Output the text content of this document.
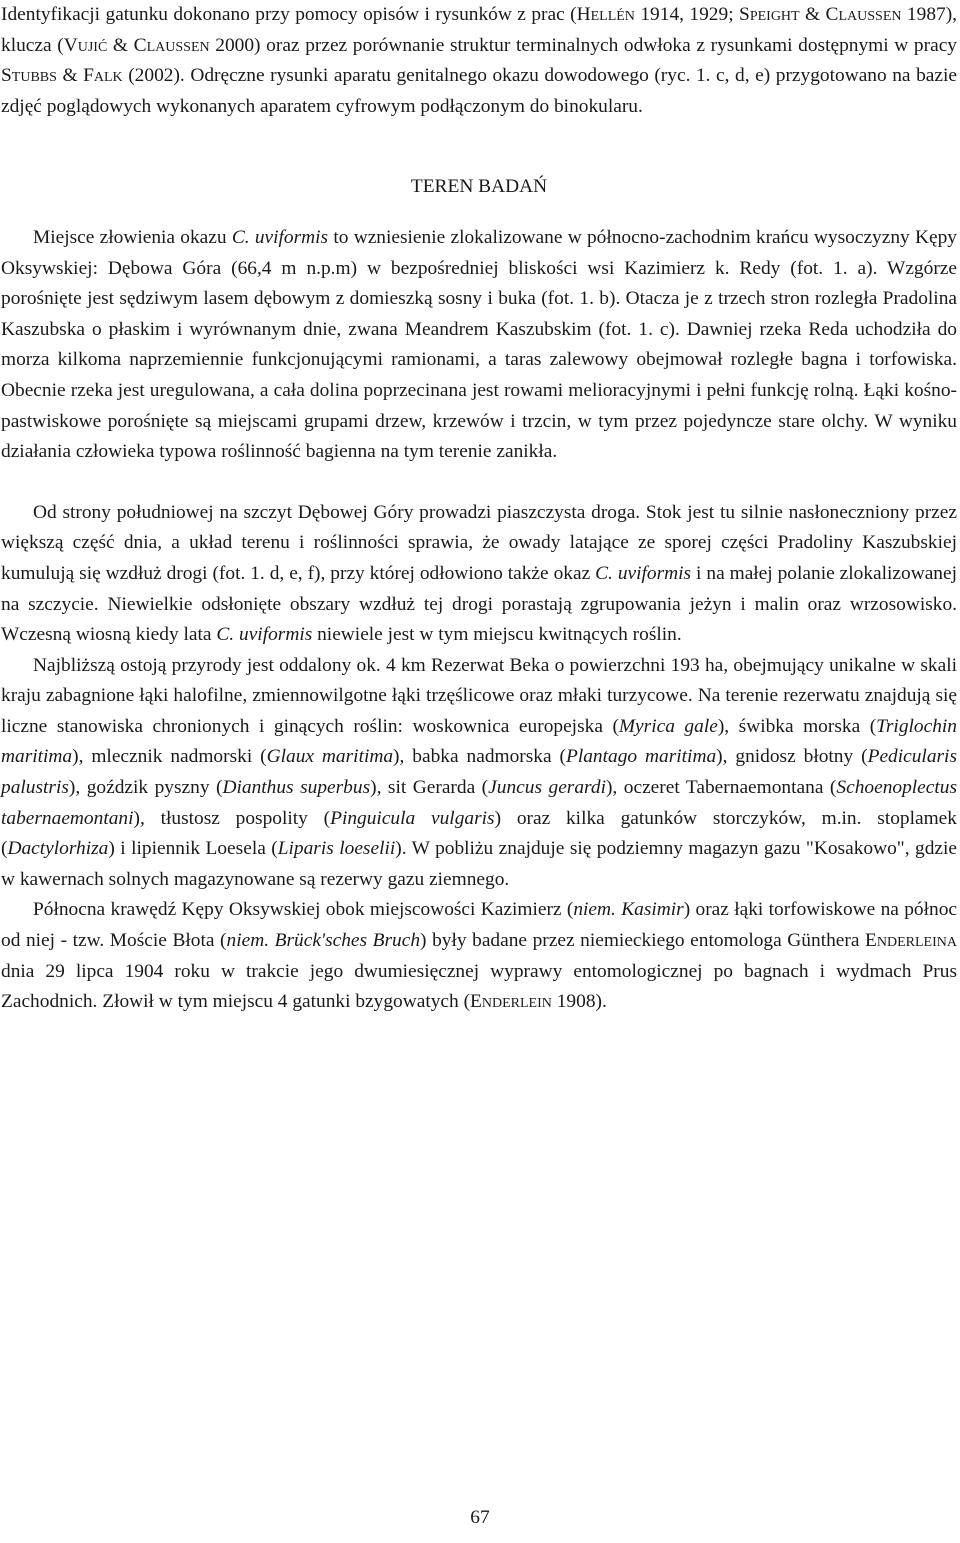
Identyfikacji gatunku dokonano przy pomocy opisów i rysunków z prac (Hellén 1914, 1929; Speight & Claussen 1987), klucza (Vujić & Claussen 2000) oraz przez porównanie struktur terminalnych odwłoka z rysunkami dostępnymi w pracy Stubbs & Falk (2002). Odręczne rysunki aparatu genitalnego okazu dowodowego (ryc. 1. c, d, e) przygotowano na bazie zdjęć poglądowych wykonanych aparatem cyfrowym podłączonym do binokularu.

TEREN BADAŃ

Miejsce złowienia okazu C. uviformis to wzniesienie zlokalizowane w północno-zachodnim krańcu wysoczyzny Kępy Oksywskiej: Dębowa Góra (66,4 m n.p.m) w bezpośredniej bliskości wsi Kazimierz k. Redy (fot. 1. a). Wzgórze porośnięte jest sędziwym lasem dębowym z domieszką sosny i buka (fot. 1. b). Otacza je z trzech stron rozległa Pradolina Kaszubska o płaskim i wyrównanym dnie, zwana Meandrem Kaszubskim (fot. 1. c). Dawniej rzeka Reda uchodziła do morza kilkoma naprzemiennie funkcjonującymi ramionami, a taras zalewowy obejmował rozległe bagna i torfowiska. Obecnie rzeka jest uregulowana, a cała dolina poprzecinana jest rowami melioracyjnymi i pełni funkcję rolną. Łąki kośno-pastwiskowe porośnięte są miejscami grupami drzew, krzewów i trzcin, w tym przez pojedyncze stare olchy. W wyniku działania człowieka typowa roślinność bagienna na tym terenie zanikła.

Od strony południowej na szczyt Dębowej Góry prowadzi piaszczysta droga. Stok jest tu silnie nasłoneczniony przez większą część dnia, a układ terenu i roślinności sprawia, że owady latające ze sporej części Pradoliny Kaszubskiej kumulują się wzdłuż drogi (fot. 1. d, e, f), przy której odłowiono także okaz C. uviformis i na małej polanie zlokalizowanej na szczycie. Niewielkie odsłonięte obszary wzdłuż tej drogi porastają zgrupowania jeżyn i malin oraz wrzosowisko. Wczesną wiosną kiedy lata C. uviformis niewiele jest w tym miejscu kwitnących roślin.

Najbliższą ostoją przyrody jest oddalony ok. 4 km Rezerwat Beka o powierzchni 193 ha, obejmujący unikalne w skali kraju zabagnione łąki halofilne, zmiennowilgotne łąki trzęślicowe oraz młaki turzycowe. Na terenie rezerwatu znajdują się liczne stanowiska chronionych i ginących roślin: woskownica europejska (Myrica gale), świbka morska (Triglochin maritima), mlecznik nadmorski (Glaux maritima), babka nadmorska (Plantago maritima), gnidosz błotny (Pedicularis palustris), goździk pyszny (Dianthus superbus), sit Gerarda (Juncus gerardi), oczeret Tabernaemontana (Schoenoplectus tabernaemontani), tłustosz pospolity (Pinguicula vulgaris) oraz kilka gatunków storczyków, m.in. stoplamek (Dactylorhiza) i lipiennik Loesela (Liparis loeselii). W pobliżu znajduje się podziemny magazyn gazu "Kosakowo", gdzie w kawernach solnych magazynowane są rezerwy gazu ziemnego.

Północna krawędź Kępy Oksywskiej obok miejscowości Kazimierz (niem. Kasimir) oraz łąki torfowiskowe na północ od niej - tzw. Moście Błota (niem. Brück'sches Bruch) były badane przez niemieckiego entomologa Günthera Enderleina dnia 29 lipca 1904 roku w trakcie jego dwumiesięcznej wyprawy entomologicznej po bagnach i wydmach Prus Zachodnich. Złowił w tym miejscu 4 gatunki bzygowatych (Enderlein 1908).

67
